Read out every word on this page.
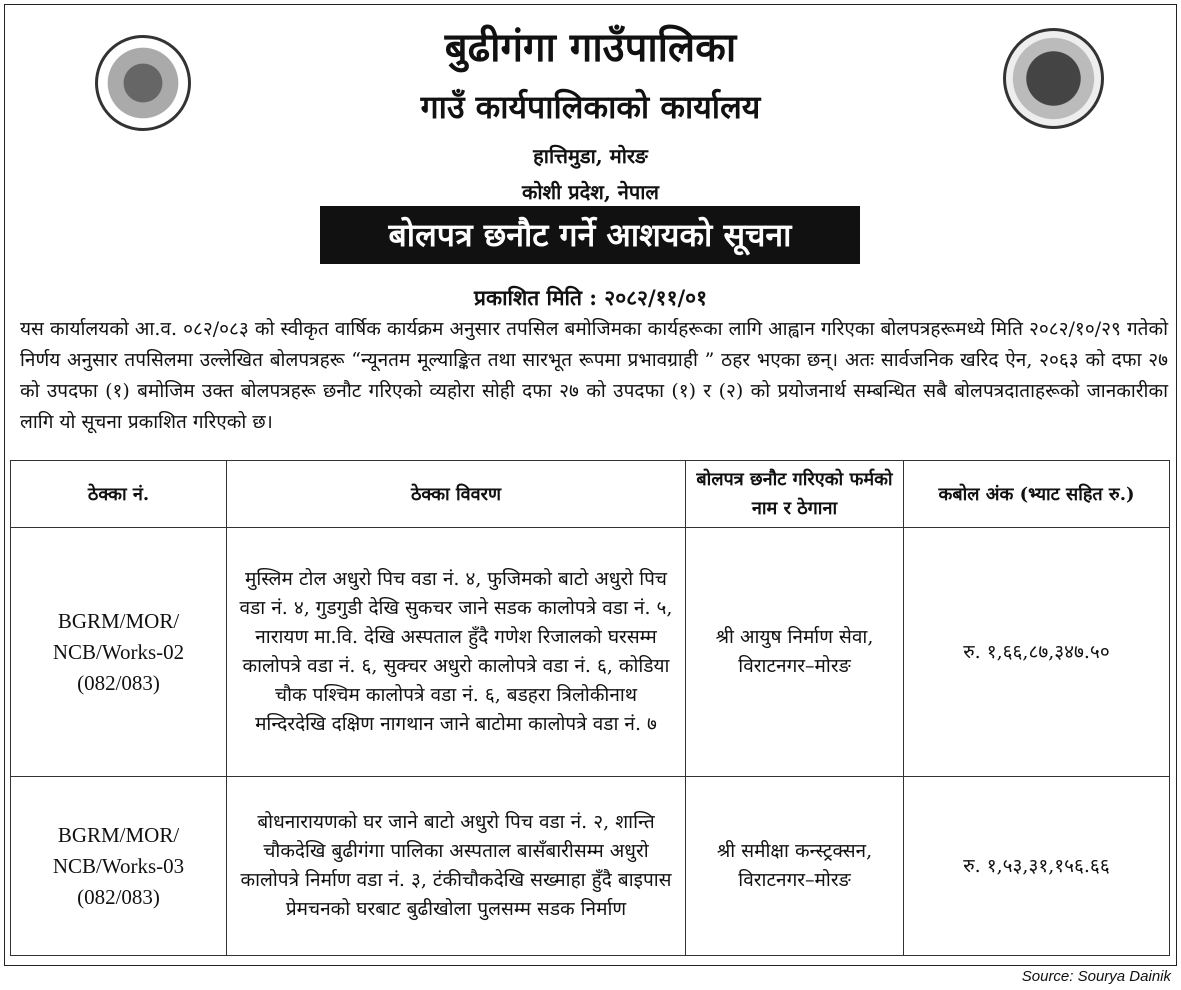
बुढीगंगा गाउँपालिका
गाउँ कार्यपालिकाको कार्यालय
हात्तिमुडा, मोरङ
कोशी प्रदेश, नेपाल
बोलपत्र छनौट गर्ने आशयको सूचना
प्रकाशित मिति : २०८२/११/०१
यस कार्यालयको आ.व. ०८२/०८३ को स्वीकृत वार्षिक कार्यक्रम अनुसार तपसिल बमोजिमका कार्यहरूका लागि आह्वान गरिएका बोलपत्रहरूमध्ये मिति २०८२/१०/२९ गतेको निर्णय अनुसार तपसिलमा उल्लेखित बोलपत्रहरू “न्यूनतम मूल्याङ्कित तथा सारभूत रूपमा प्रभावग्राही ” ठहर भएका छन्। अतः सार्वजनिक खरिद ऐन, २०६३ को दफा २७ को उपदफा (१) बमोजिम उक्त बोलपत्रहरू छनौट गरिएको व्यहोरा सोही दफा २७ को उपदफा (१) र (२) को प्रयोजनार्थ सम्बन्धित सबै बोलपत्रदाताहरूको जानकारीका लागि यो सूचना प्रकाशित गरिएको छ।
ठेक्का नं.	ठेक्का विवरण	बोलपत्र छनौट गरिएको फर्मको नाम र ठेगाना	कबोल अंक (भ्याट सहित रु.)
BGRM/MOR/ NCB/Works-02 (082/083)	मुस्लिम टोल अधुरो पिच वडा नं. ४, फुजिमको बाटो अधुरो पिच वडा नं. ४, गुडगुडी देखि सुकचर जाने सडक कालोपत्रे वडा नं. ५, नारायण मा.वि. देखि अस्पताल हुँदै गणेश रिजालको घरसम्म कालोपत्रे वडा नं. ६, सुक्चर अधुरो कालोपत्रे वडा नं. ६, कोडिया चौक पश्चिम कालोपत्रे वडा नं. ६, बडहरा त्रिलोकीनाथ मन्दिरदेखि दक्षिण नागथान जाने बाटोमा कालोपत्रे वडा नं. ७	श्री आयुष निर्माण सेवा, विराटनगर–मोरङ	रु. १,६६,८७,३४७.५०
BGRM/MOR/ NCB/Works-03 (082/083)	बोधनारायणको घर जाने बाटो अधुरो पिच वडा नं. २, शान्ति चौकदेखि बुढीगंगा पालिका अस्पताल बासँबारीसम्म अधुरो कालोपत्रे निर्माण वडा नं. ३, टंकीचौकदेखि सख्माहा हुँदै बाइपास प्रेमचनको घरबाट बुढीखोला पुलसम्म सडक निर्माण	श्री समीक्षा कन्स्ट्रक्सन, विराटनगर–मोरङ	रु. १,५३,३१,१५६.६६
Source: Sourya Dainik
